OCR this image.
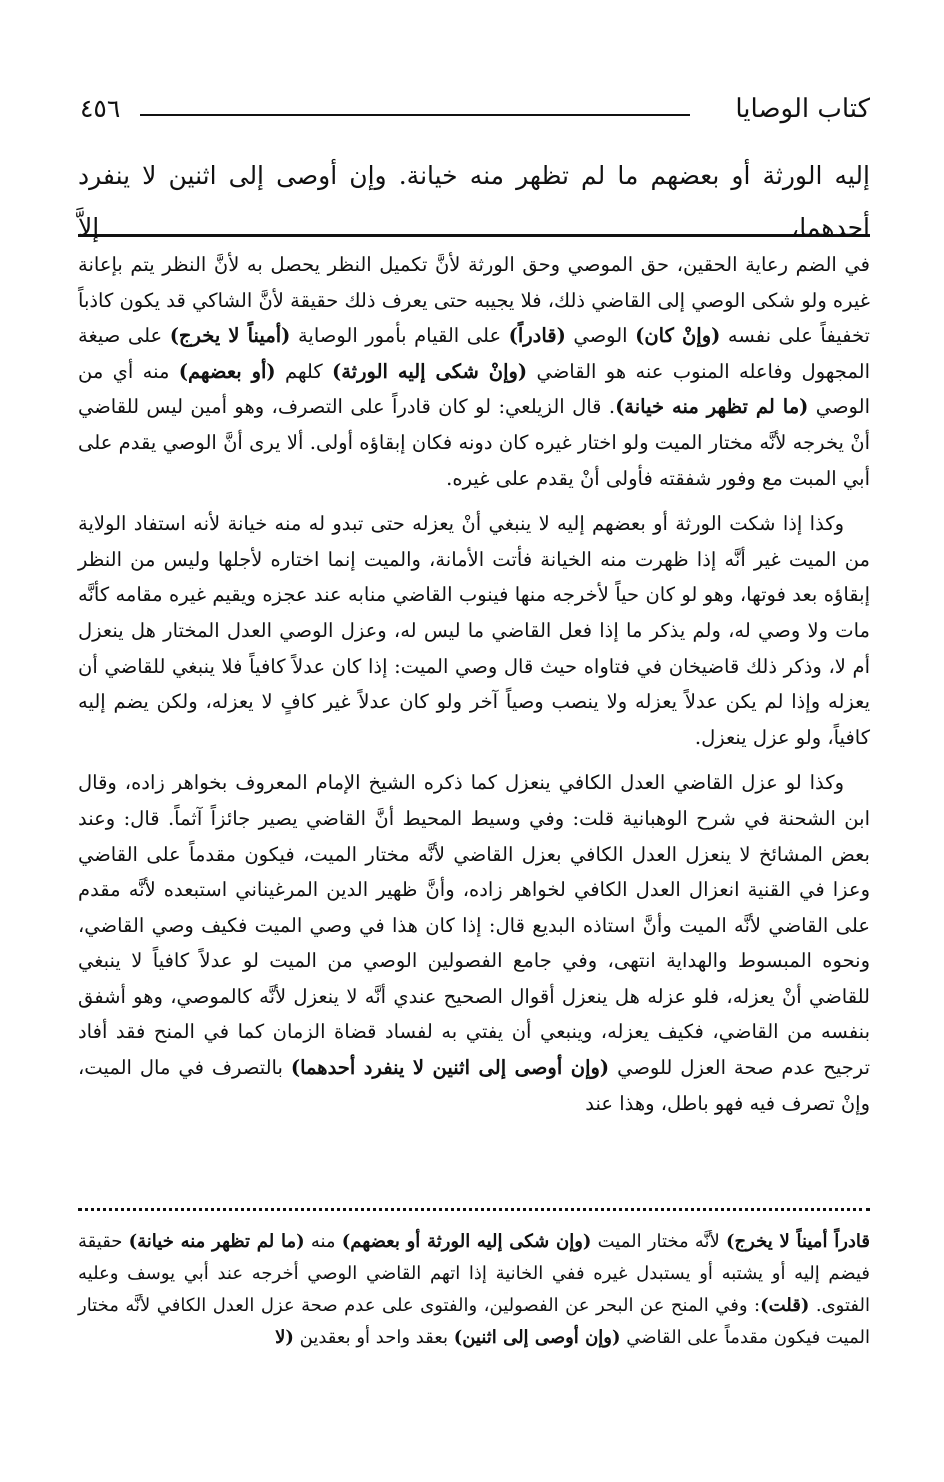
٤٥٦	كتاب الوصايا
إليه الورثة أو بعضهم ما لم تظهر منه خيانة. وإن أوصى إلى اثنين لا ينفرد أحدهما، إلاَّ

في الضم رعاية الحقين، حق الموصي وحق الورثة لأنَّ تكميل النظر يحصل به لأنَّ النظر يتم بإعانة غيره ولو شكى الوصي إلى القاضي ذلك، فلا يجيبه حتى يعرف ذلك حقيقة لأنَّ الشاكي قد يكون كاذباً تخفيفاً على نفسه (وإنْ كان) الوصي (قادراً) على القيام بأمور الوصاية (أميناً لا يخرج) على صيغة المجهول وفاعله المنوب عنه هو القاضي (وإنْ شكى إليه الورثة) كلهم (أو بعضهم) منه أي من الوصي (ما لم تظهر منه خيانة). قال الزيلعي: لو كان قادراً على التصرف، وهو أمين ليس للقاضي أنْ يخرجه لأنَّه مختار الميت ولو اختار غيره كان دونه فكان إبقاؤه أولى. ألا يرى أنَّ الوصي يقدم على أبي المبت مع وفور شفقته فأولى أنْ يقدم على غيره.

وكذا إذا شكت الورثة أو بعضهم إليه لا ينبغي أنْ يعزله حتى تبدو له منه خيانة لأنه استفاد الولاية من الميت غير أنَّه إذا ظهرت منه الخيانة فأتت الأمانة، والميت إنما اختاره لأجلها وليس من النظر إبقاؤه بعد فوتها، وهو لو كان حياً لأخرجه منها فينوب القاضي منابه عند عجزه ويقيم غيره مقامه كأنَّه مات ولا وصي له، ولم يذكر ما إذا فعل القاضي ما ليس له، وعزل الوصي العدل المختار هل ينعزل أم لا، وذكر ذلك قاضيخان في فتاواه حيث قال وصي الميت: إذا كان عدلاً كافياً فلا ينبغي للقاضي أن يعزله وإذا لم يكن عدلاً يعزله ولا ينصب وصياً آخر ولو كان عدلاً غير كافٍ لا يعزله، ولكن يضم إليه كافياً، ولو عزل ينعزل.

وكذا لو عزل القاضي العدل الكافي ينعزل كما ذكره الشيخ الإمام المعروف بخواهر زاده، وقال ابن الشحنة في شرح الوهبانية قلت: وفي وسيط المحيط أنَّ القاضي يصير جائزاً آثماً. قال: وعند بعض المشائخ لا ينعزل العدل الكافي بعزل القاضي لأنَّه مختار الميت، فيكون مقدماً على القاضي وعزا في القنية انعزال العدل الكافي لخواهر زاده، وأنَّ ظهير الدين المرغيناني استبعده لأنَّه مقدم على القاضي لأنَّه الميت وأنَّ استاذه البديع قال: إذا كان هذا في وصي الميت فكيف وصي القاضي، ونحوه المبسوط والهداية انتهى، وفي جامع الفصولين الوصي من الميت لو عدلاً كافياً لا ينبغي للقاضي أنْ يعزله، فلو عزله هل ينعزل أقوال الصحيح عندي أنَّه لا ينعزل لأنَّه كالموصي، وهو أشفق بنفسه من القاضي، فكيف يعزله، وينبعي أن يفتي به لفساد قضاة الزمان كما في المنح فقد أفاد ترجيح عدم صحة العزل للوصي (وإن أوصى إلى اثنين لا ينفرد أحدهما) بالتصرف في مال الميت، وإنْ تصرف فيه فهو باطل، وهذا عند

قادراً أميناً لا يخرج) لأنَّه مختار الميت (وإن شكى إليه الورثة أو بعضهم) منه (ما لم تظهر منه خيانة) حقيقة فيضم إليه أو يشتبه أو يستبدل غيره ففي الخانية إذا اتهم القاضي الوصي أخرجه عند أبي يوسف وعليه الفتوى. (قلت): وفي المنح عن البحر عن الفصولين، والفتوى على عدم صحة عزل العدل الكافي لأنَّه مختار الميت فيكون مقدماً على القاضي (وإن أوصى إلى اثنين) بعقد واحد أو بعقدين (لا
